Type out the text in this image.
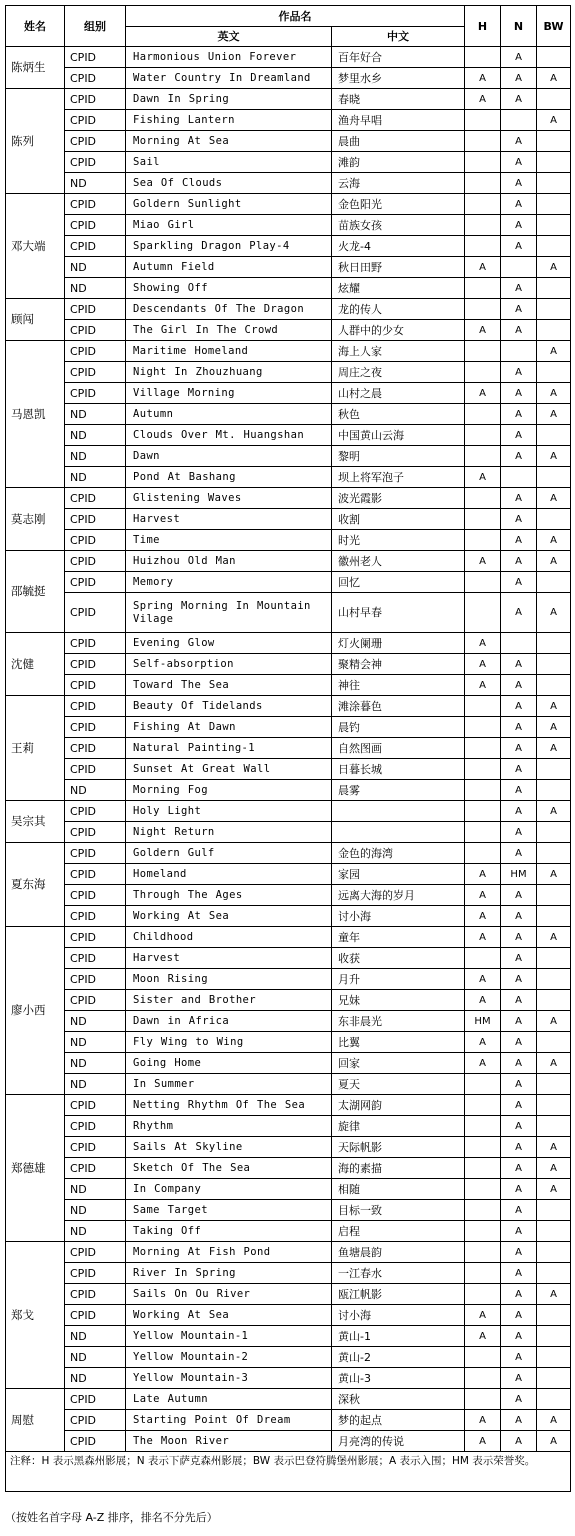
姓名	组别	作品名		H	N	BW
		英文	中文			
陈炳生	CPID	Harmonious Union Forever	百年好合		A	
	CPID	Water Country In Dreamland	梦里水乡	A	A	A
陈列	CPID	Dawn In Spring	春晓	A	A	
	CPID	Fishing Lantern	渔舟早唱			A
	CPID	Morning At Sea	晨曲		A	
	CPID	Sail	滩韵		A	
	ND	Sea Of Clouds	云海		A	
邓大端	CPID	Goldern Sunlight	金色阳光		A	
	CPID	Miao Girl	苗族女孩		A	
	CPID	Sparkling Dragon Play-4	火龙-4		A	
	ND	Autumn Field	秋日田野	A		A
	ND	Showing Off	炫耀		A	
顾闯	CPID	Descendants Of The Dragon	龙的传人		A	
	CPID	The Girl In The Crowd	人群中的少女	A	A	
马恩凯	CPID	Maritime Homeland	海上人家			A
	CPID	Night In Zhouzhuang	周庄之夜		A	
	CPID	Village Morning	山村之晨	A	A	A
	ND	Autumn	秋色		A	A
	ND	Clouds Over Mt. Huangshan	中国黄山云海		A	
	ND	Dawn	黎明		A	A
	ND	Pond At Bashang	坝上将军泡子	A		
莫志刚	CPID	Glistening Waves	波光霞影		A	A
	CPID	Harvest	收割		A	
	CPID	Time	时光		A	A
邵毓挺	CPID	Huizhou Old Man	徽州老人	A	A	A
	CPID	Memory	回忆		A	
	CPID	Spring Morning In Mountain Vilage	山村早春		A	A
沈健	CPID	Evening Glow	灯火阑珊	A		
	CPID	Self-absorption	聚精会神	A	A	
	CPID	Toward The Sea	神往	A	A	
王莉	CPID	Beauty Of Tidelands	滩涂暮色		A	A
	CPID	Fishing At Dawn	晨钓		A	A
	CPID	Natural Painting-1	自然图画		A	A
	CPID	Sunset At Great Wall	日暮长城		A	
	ND	Morning Fog	晨雾		A	
吴宗其	CPID	Holy Light			A	A
	CPID	Night Return			A	
夏东海	CPID	Goldern Gulf	金色的海湾		A	
	CPID	Homeland	家园	A	HM	A
	CPID	Through The Ages	远离大海的岁月	A	A	
	CPID	Working At Sea	讨小海	A	A	
廖小西	CPID	Childhood	童年	A	A	A
	CPID	Harvest	收获		A	
	CPID	Moon Rising	月升	A	A	
	CPID	Sister and Brother	兄妹	A	A	
	ND	Dawn in Africa	东非晨光	HM	A	A
	ND	Fly Wing to Wing	比翼	A	A	
	ND	Going Home	回家	A	A	A
	ND	In Summer	夏天		A	
郑德雄	CPID	Netting Rhythm Of The Sea	太湖网韵		A	
	CPID	Rhythm	旋律		A	
	CPID	Sails At Skyline	天际帆影		A	A
	CPID	Sketch Of The Sea	海的素描		A	A
	ND	In Company	相随		A	A
	ND	Same Target	目标一致		A	
	ND	Taking Off	启程		A	
郑戈	CPID	Morning At Fish Pond	鱼塘晨韵		A	
	CPID	River In Spring	一江春水		A	
	CPID	Sails On Ou River	瓯江帆影		A	A
	CPID	Working At Sea	讨小海	A	A	
	ND	Yellow Mountain-1	黄山-1	A	A	
	ND	Yellow Mountain-2	黄山-2		A	
	ND	Yellow Mountain-3	黄山-3		A	
周慰	CPID	Late Autumn	深秋		A	
	CPID	Starting Point Of Dream	梦的起点	A	A	A
	CPID	The Moon River	月亮湾的传说	A	A	A
注释：H 表示黑森州影展；N 表示下萨克森州影展；BW 表示巴登符腾堡州影展；A 表示入围；HM 表示荣誉奖。						
（按姓名首字母 A-Z 排序，排名不分先后）
